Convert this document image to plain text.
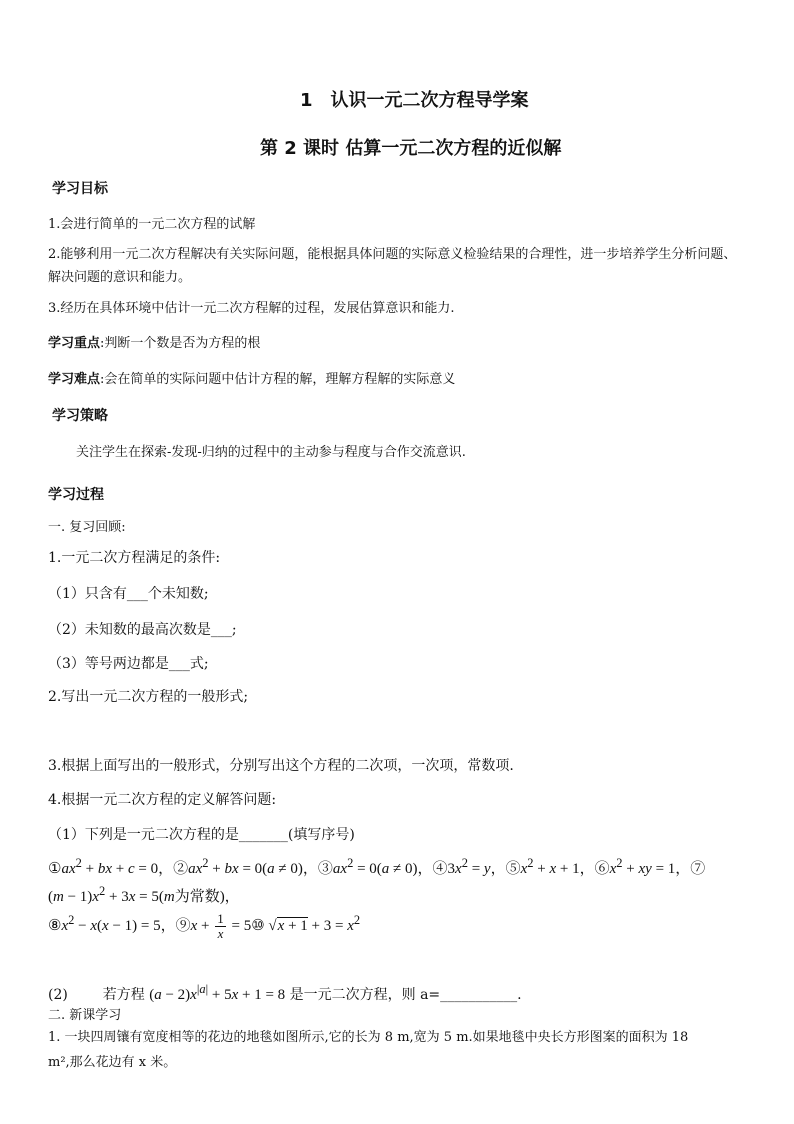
1　认识一元二次方程导学案
第 2 课时 估算一元二次方程的近似解
学习目标
1.会进行简单的一元二次方程的试解
2.能够利用一元二次方程解决有关实际问题，能根据具体问题的实际意义检验结果的合理性，进一步培养学生分析问题、解决问题的意识和能力。
3.经历在具体环境中估计一元二次方程解的过程，发展估算意识和能力.
学习重点:判断一个数是否为方程的根
学习难点:会在简单的实际问题中估计方程的解，理解方程解的实际意义
学习策略
关注学生在探索-发现-归纳的过程中的主动参与程度与合作交流意识.
学习过程
一. 复习回顾:
1.一元二次方程满足的条件:
（1）只含有___个未知数;
（2）未知数的最高次数是___;
（3）等号两边都是___式;
2.写出一元二次方程的一般形式;
3.根据上面写出的一般形式，分别写出这个方程的二次项，一次项，常数项.
4.根据一元二次方程的定义解答问题:
（1）下列是一元二次方程的是_______(填写序号)
$①ax^2$ + bx + c = 0，$②ax^2$ + bx = 0(a ≠ 0)，$③ax^2 = 0(a \ne 0)$，$④3x^2 = y$，$⑤x^2 + x + 1$，$⑥x^2$ + xy = 1，⑦
$(m - 1)x^2 + 3x = 5(m$为常数)，
$⑧x^2 - x(x - 1) = 5$，⑨x + $\frac{1}{x}$ = 5⑩ $√x + 1 + 3 = x^2$
(2) 若方程 $(a - 2)x^{|a|} + 5x + 1 = 8$ 是一元二次方程，则 a=___________.
二. 新课学习
1. 一块四周镶有宽度相等的花边的地毯如图所示,它的长为 8 m,宽为 5 m.如果地毯中央长方形图案的面积为 18
m²,那么花边有 x 米。
